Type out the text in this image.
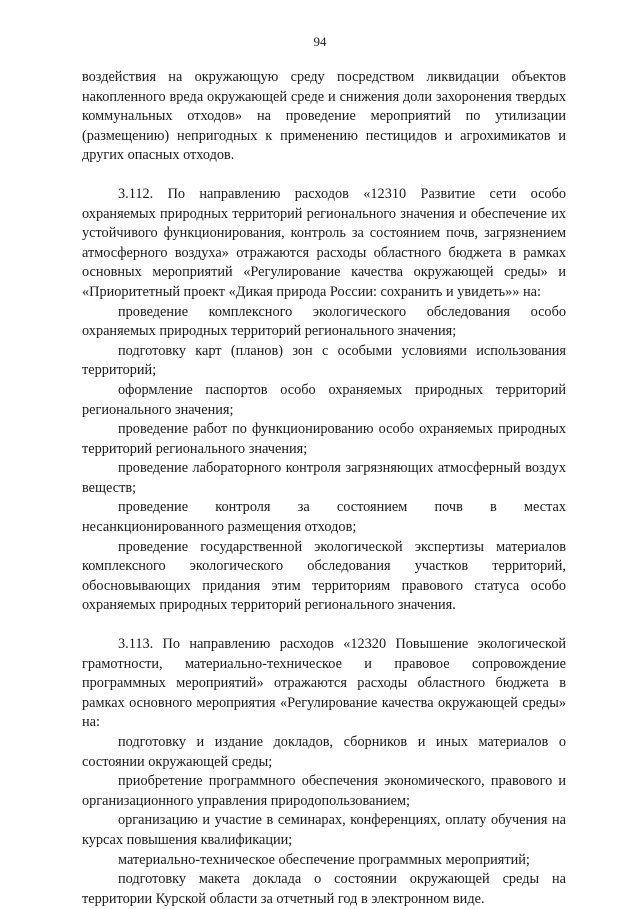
94

воздействия на окружающую среду посредством ликвидации объектов накопленного вреда окружающей среде и снижения доли захоронения твердых коммунальных отходов» на проведение мероприятий по утилизации (размещению) непригодных к применению пестицидов и агрохимикатов и других опасных отходов.

3.112. По направлению расходов «12310 Развитие сети особо охраняемых природных территорий регионального значения и обеспечение их устойчивого функционирования, контроль за состоянием почв, загрязнением атмосферного воздуха» отражаются расходы областного бюджета в рамках основных мероприятий «Регулирование качества окружающей среды» и «Приоритетный проект «Дикая природа России: сохранить и увидеть»» на:

проведение комплексного экологического обследования особо охраняемых природных территорий регионального значения;

подготовку карт (планов) зон с особыми условиями использования территорий;

оформление паспортов особо охраняемых природных территорий регионального значения;

проведение работ по функционированию особо охраняемых природных территорий регионального значения;

проведение лабораторного контроля загрязняющих атмосферный воздух веществ;

проведение контроля за состоянием почв в местах несанкционированного размещения отходов;

проведение государственной экологической экспертизы материалов комплексного экологического обследования участков территорий, обосновывающих придания этим территориям правового статуса особо охраняемых природных территорий регионального значения.

3.113. По направлению расходов «12320 Повышение экологической грамотности, материально-техническое и правовое сопровождение программных мероприятий» отражаются расходы областного бюджета в рамках основного мероприятия «Регулирование качества окружающей среды» на:

подготовку и издание докладов, сборников и иных материалов о состоянии окружающей среды;

приобретение программного обеспечения экономического, правового и организационного управления природопользованием;

организацию и участие в семинарах, конференциях, оплату обучения на курсах повышения квалификации;

материально-техническое обеспечение программных мероприятий;

подготовку макета доклада о состоянии окружающей среды на территории Курской области за отчетный год в электронном виде.
